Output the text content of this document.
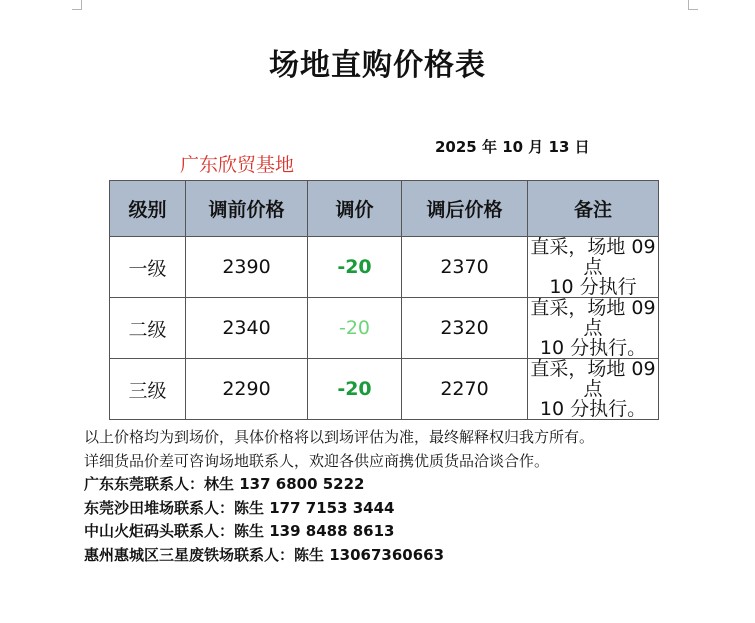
场地直购价格表
2025 年 10 月 13 日
广东欣贸基地
级别	调前价格	调价	调后价格	备注
一级	2390	-20	2370	直采，场地 09 点
10 分执行

二级	2340	-20	2320	直采，场地 09 点
10 分执行。

三级	2290	-20	2270	直采，场地 09 点
10 分执行。
以上价格均为到场价，具体价格将以到场评估为准，最终解释权归我方所有。
详细货品价差可咨询场地联系人，欢迎各供应商携优质货品洽谈合作。
广东东莞联系人：林生 137 6800 5222
东莞沙田堆场联系人：陈生 177 7153 3444
中山火炬码头联系人：陈生 139 8488 8613
惠州惠城区三星废铁场联系人：陈生 13067360663
